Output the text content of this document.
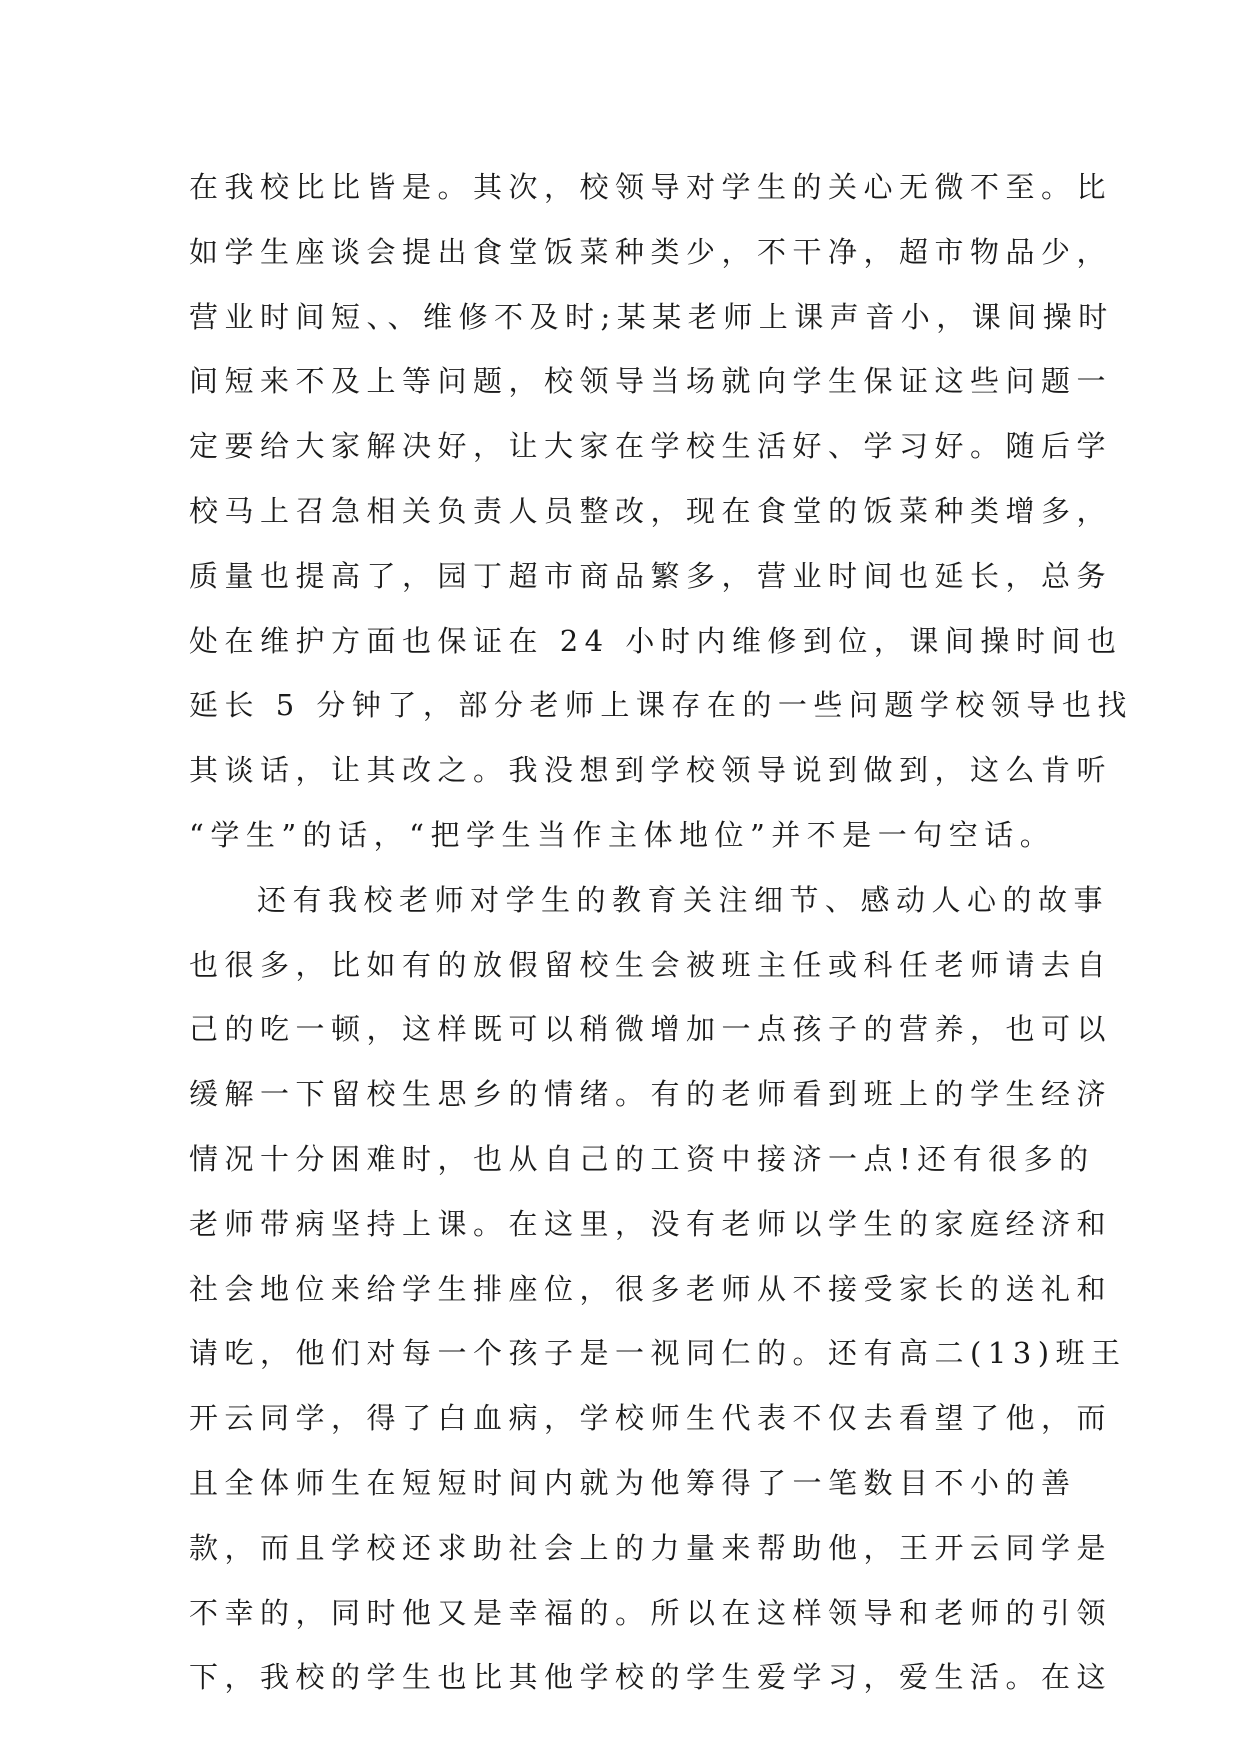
在我校比比皆是。其次，校领导对学生的关心无微不至。比
如学生座谈会提出食堂饭菜种类少，不干净，超市物品少，
营业时间短、、维修不及时;某某老师上课声音小，课间操时
间短来不及上等问题，校领导当场就向学生保证这些问题一
定要给大家解决好，让大家在学校生活好、学习好。随后学
校马上召急相关负责人员整改，现在食堂的饭菜种类增多，
质量也提高了，园丁超市商品繁多，营业时间也延长，总务
处在维护方面也保证在 24 小时内维修到位，课间操时间也
延长 5 分钟了，部分老师上课存在的一些问题学校领导也找
其谈话，让其改之。我没想到学校领导说到做到，这么肯听
“学生”的话，“把学生当作主体地位”并不是一句空话。
还有我校老师对学生的教育关注细节、感动人心的故事
也很多，比如有的放假留校生会被班主任或科任老师请去自
己的吃一顿，这样既可以稍微增加一点孩子的营养，也可以
缓解一下留校生思乡的情绪。有的老师看到班上的学生经济
情况十分困难时，也从自己的工资中接济一点!还有很多的
老师带病坚持上课。在这里，没有老师以学生的家庭经济和
社会地位来给学生排座位，很多老师从不接受家长的送礼和
请吃，他们对每一个孩子是一视同仁的。还有高二(13)班王
开云同学，得了白血病，学校师生代表不仅去看望了他，而
且全体师生在短短时间内就为他筹得了一笔数目不小的善
款，而且学校还求助社会上的力量来帮助他，王开云同学是
不幸的，同时他又是幸福的。所以在这样领导和老师的引领
下，我校的学生也比其他学校的学生爱学习，爱生活。在这
